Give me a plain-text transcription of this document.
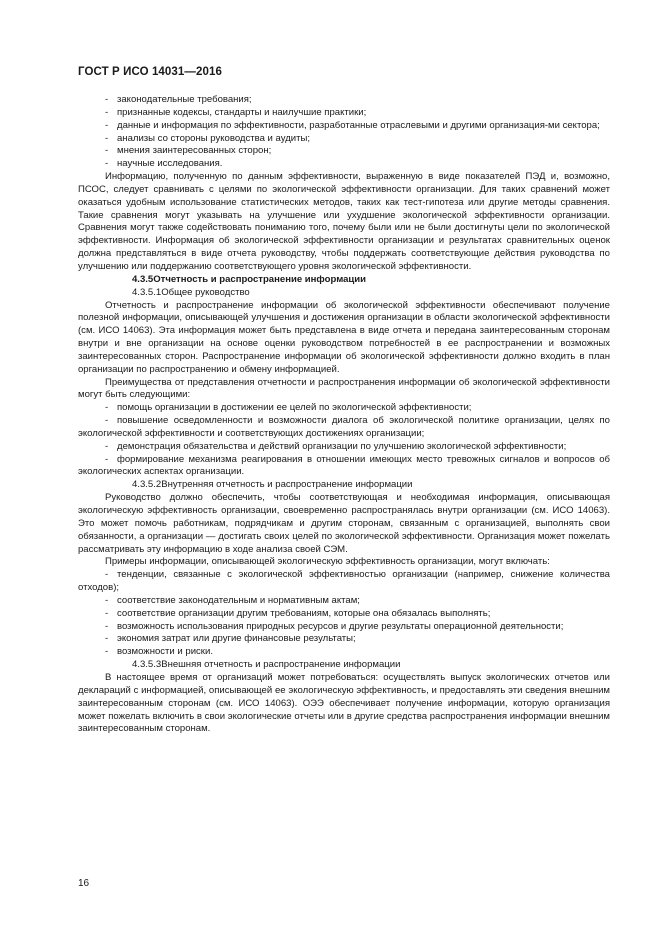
ГОСТ Р ИСО 14031—2016

- законодательные требования;

- признанные кодексы, стандарты и наилучшие практики;

- данные и информация по эффективности, разработанные отраслевыми и другими организация-ми сектора;

- анализы со стороны руководства и аудиты;

- мнения заинтересованных сторон;

- научные исследования.

Информацию, полученную по данным эффективности, выраженную в виде показателей ПЭД и, возможно, ПСОС, следует сравнивать с целями по экологической эффективности организации. Для таких сравнений может оказаться удобным использование статистических методов, таких как тест-гипотеза или другие методы сравнения. Такие сравнения могут указывать на улучшение или ухудшение экологической эффективности организации. Сравнения могут также содействовать пониманию того, почему были или не были достигнуты цели по экологической эффективности. Информация об экологической эффективности организации и результатах сравнительных оценок должна представляться в виде отчета руководству, чтобы поддержать соответствующие действия руководства по улучшению или поддержанию соответствующего уровня экологической эффективности.

4.3.5Отчетность и распространение информации

4.3.5.1Общее руководство

Отчетность и распространение информации об экологической эффективности обеспечивают получение полезной информации, описывающей улучшения и достижения организации в области экологической эффективности (см. ИСО 14063). Эта информация может быть представлена в виде отчета и передана заинтересованным сторонам внутри и вне организации на основе оценки руководством потребностей в ее распространении и возможных заинтересованных сторон. Распространение информации об экологической эффективности должно входить в план организации по распространению и обмену информацией.

Преимущества от представления отчетности и распространения информации об экологической эффективности могут быть следующими:

- помощь организации в достижении ее целей по экологической эффективности;

- повышение осведомленности и возможности диалога об экологической политике организации, целях по экологической эффективности и соответствующих достижениях организации;

- демонстрация обязательства и действий организации по улучшению экологической эффективности;

- формирование механизма реагирования в отношении имеющих место тревожных сигналов и вопросов об экологических аспектах организации.

4.3.5.2Внутренняя отчетность и распространение информации

Руководство должно обеспечить, чтобы соответствующая и необходимая информация, описывающая экологическую эффективность организации, своевременно распространялась внутри организации (см. ИСО 14063). Это может помочь работникам, подрядчикам и другим сторонам, связанным с организацией, выполнять свои обязанности, а организации — достигать своих целей по экологической эффективности. Организация может пожелать рассматривать эту информацию в ходе анализа своей СЭМ.

Примеры информации, описывающей экологическую эффективность организации, могут включать:

- тенденции, связанные с экологической эффективностью организации (например, снижение количества отходов);

- соответствие законодательным и нормативным актам;

- соответствие организации другим требованиям, которые она обязалась выполнять;

- возможность использования природных ресурсов и другие результаты операционной деятельности;

- экономия затрат или другие финансовые результаты;

- возможности и риски.

4.3.5.3Внешняя отчетность и распространение информации

В настоящее время от организаций может потребоваться: осуществлять выпуск экологических отчетов или деклараций с информацией, описывающей ее экологическую эффективность, и предоставлять эти сведения внешним заинтересованным сторонам (см. ИСО 14063). ОЭЭ обеспечивает получение информации, которую организация может пожелать включить в свои экологические отчеты или в другие средства распространения информации внешним заинтересованным сторонам.

16
